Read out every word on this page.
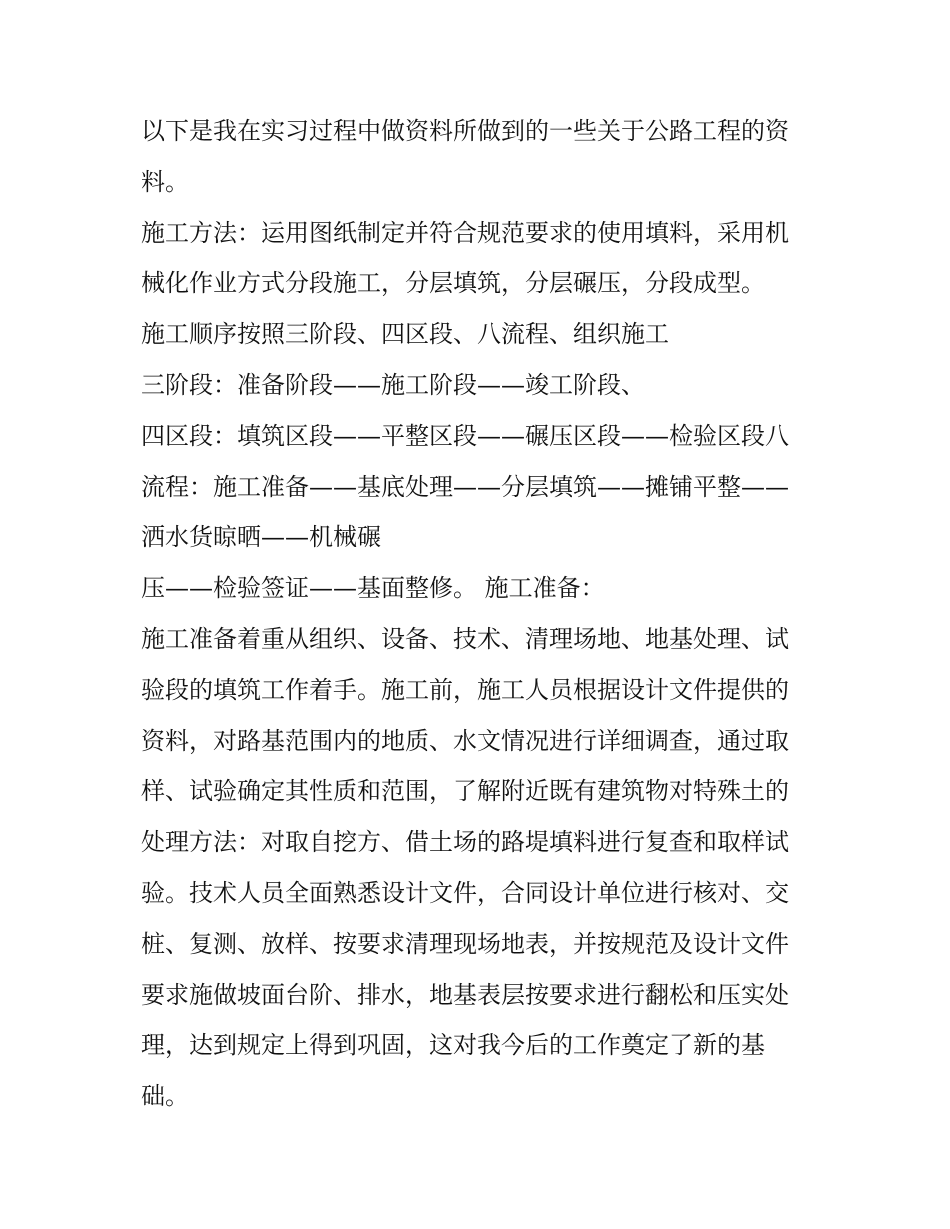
以下是我在实习过程中做资料所做到的一些关于公路工程的资
料。
施工方法：运用图纸制定并符合规范要求的使用填料，采用机
械化作业方式分段施工，分层填筑，分层碾压，分段成型。
施工顺序按照三阶段、四区段、八流程、组织施工
三阶段：准备阶段——施工阶段——竣工阶段、
四区段：填筑区段——平整区段——碾压区段——检验区段八
流程：施工准备——基底处理——分层填筑——摊铺平整——
洒水货晾晒——机械碾
压——检验签证——基面整修。 施工准备：
施工准备着重从组织、设备、技术、清理场地、地基处理、试
验段的填筑工作着手。施工前，施工人员根据设计文件提供的
资料，对路基范围内的地质、水文情况进行详细调查，通过取
样、试验确定其性质和范围，了解附近既有建筑物对特殊土的
处理方法：对取自挖方、借土场的路堤填料进行复查和取样试
验。技术人员全面熟悉设计文件，合同设计单位进行核对、交
桩、复测、放样、按要求清理现场地表，并按规范及设计文件
要求施做坡面台阶、排水，地基表层按要求进行翻松和压实处
理，达到规定上得到巩固，这对我今后的工作奠定了新的基
础。
